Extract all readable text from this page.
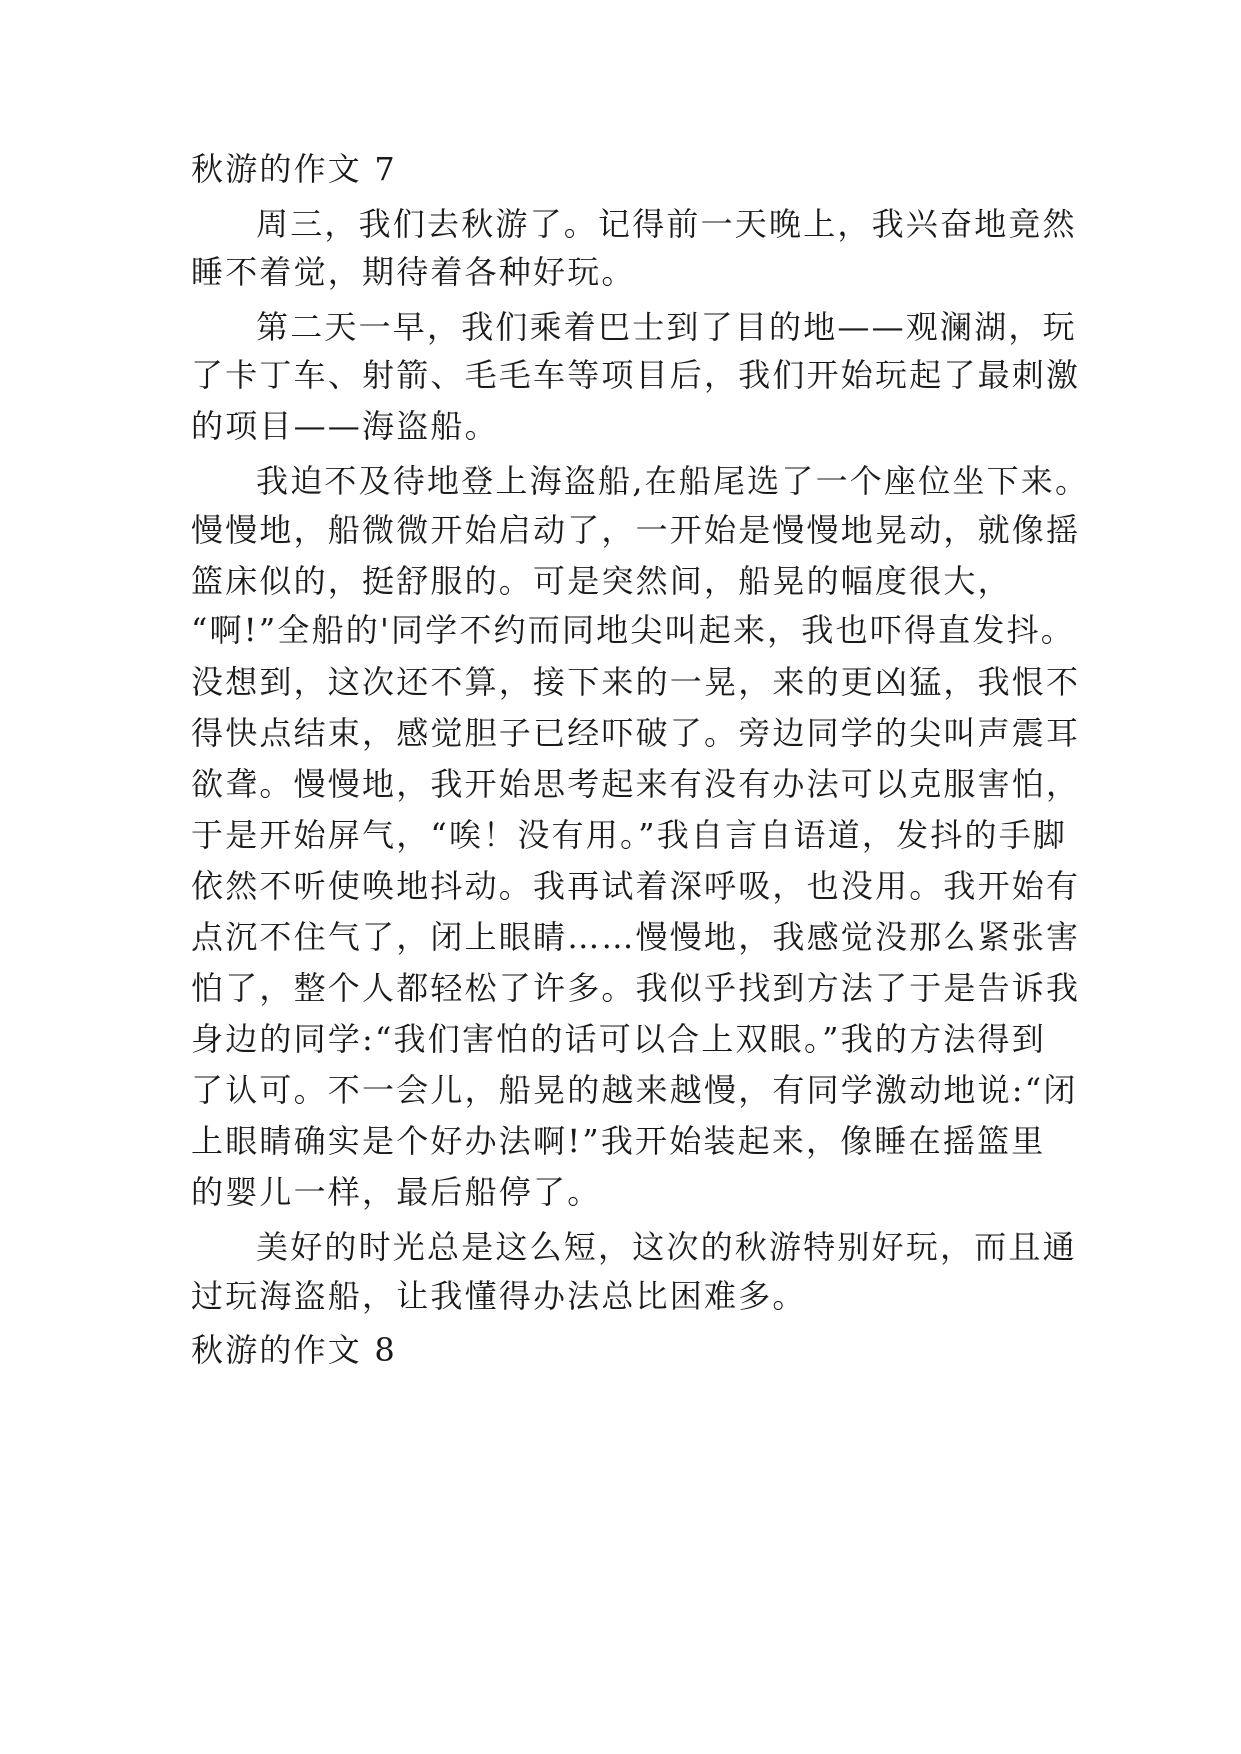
秋游的作文 7
周三，我们去秋游了。记得前一天晚上，我兴奋地竟然
睡不着觉，期待着各种好玩。
第二天一早，我们乘着巴士到了目的地——观澜湖，玩
了卡丁车、射箭、毛毛车等项目后，我们开始玩起了最刺激
的项目——海盗船。
我迫不及待地登上海盗船,在船尾选了一个座位坐下来。
慢慢地，船微微开始启动了，一开始是慢慢地晃动，就像摇
篮床似的，挺舒服的。可是突然间，船晃的幅度很大，
“啊!”全船的'同学不约而同地尖叫起来，我也吓得直发抖。
没想到，这次还不算，接下来的一晃，来的更凶猛，我恨不
得快点结束，感觉胆子已经吓破了。旁边同学的尖叫声震耳
欲聋。慢慢地，我开始思考起来有没有办法可以克服害怕，
于是开始屏气，“唉！没有用。”我自言自语道，发抖的手脚
依然不听使唤地抖动。我再试着深呼吸，也没用。我开始有
点沉不住气了，闭上眼睛……慢慢地，我感觉没那么紧张害
怕了，整个人都轻松了许多。我似乎找到方法了于是告诉我
身边的同学:“我们害怕的话可以合上双眼。”我的方法得到
了认可。不一会儿，船晃的越来越慢，有同学激动地说:“闭
上眼睛确实是个好办法啊!”我开始装起来，像睡在摇篮里
的婴儿一样，最后船停了。
美好的时光总是这么短，这次的秋游特别好玩，而且通
过玩海盗船，让我懂得办法总比困难多。
秋游的作文 8
